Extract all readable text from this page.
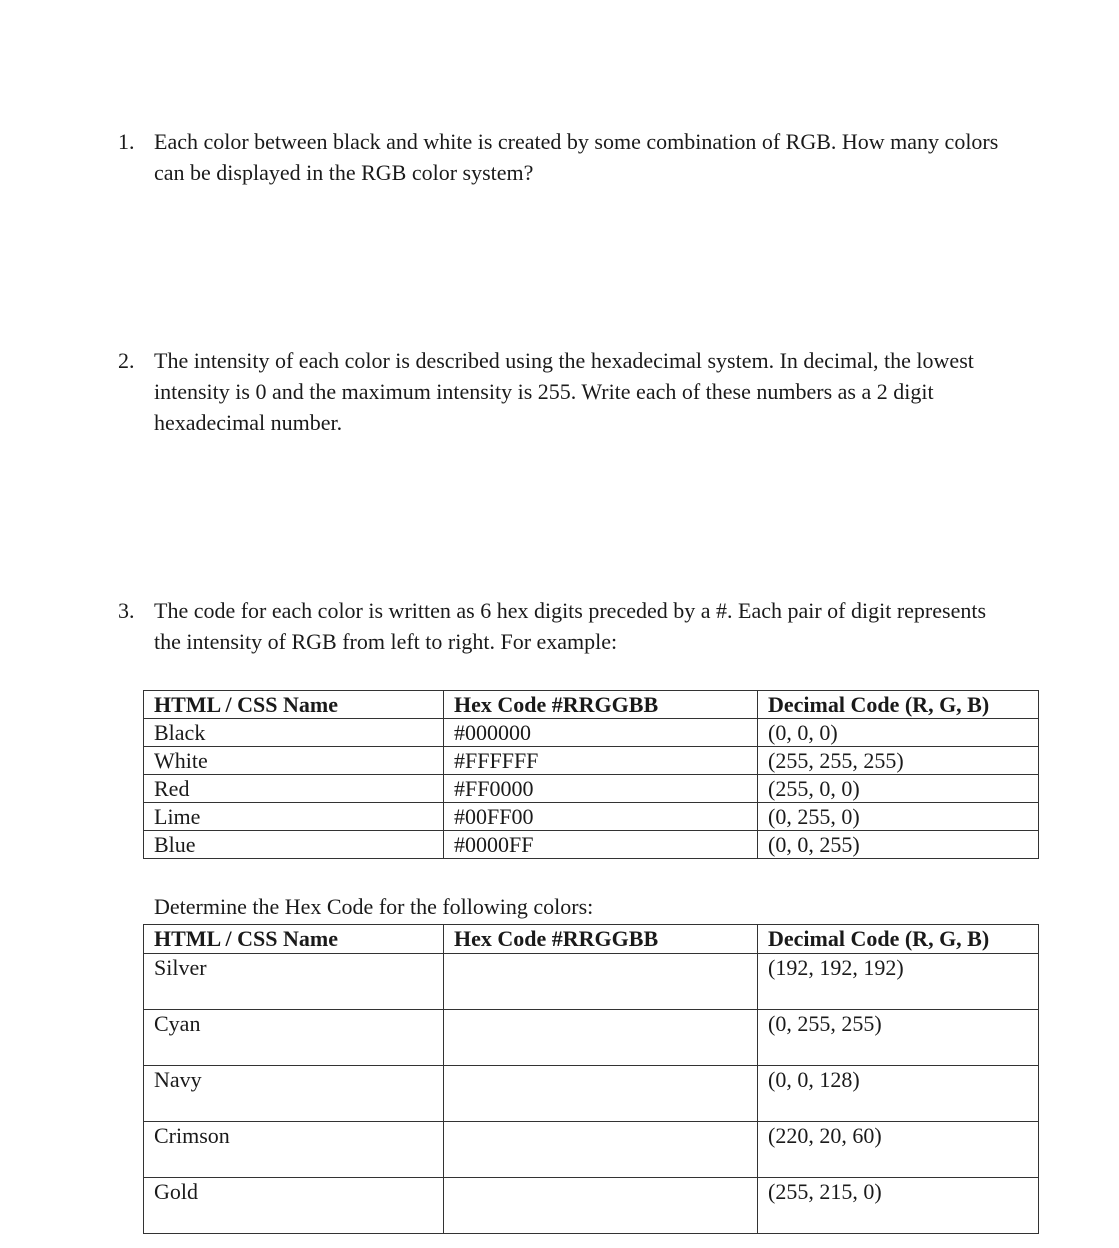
1. Each color between black and white is created by some combination of RGB. How many colors can be displayed in the RGB color system?
2. The intensity of each color is described using the hexadecimal system. In decimal, the lowest intensity is 0 and the maximum intensity is 255. Write each of these numbers as a 2 digit hexadecimal number.
3. The code for each color is written as 6 hex digits preceded by a #. Each pair of digit represents the intensity of RGB from left to right. For example:
HTML / CSS Name	Hex Code #RRGGBB	Decimal Code (R, G, B)
Black	#000000	(0, 0, 0)
White	#FFFFFF	(255, 255, 255)
Red	#FF0000	(255, 0, 0)
Lime	#00FF00	(0, 255, 0)
Blue	#0000FF	(0, 0, 255)
Determine the Hex Code for the following colors:
HTML / CSS Name	Hex Code #RRGGBB	Decimal Code (R, G, B)
Silver		(192, 192, 192)
Cyan		(0, 255, 255)
Navy		(0, 0, 128)
Crimson		(220, 20, 60)
Gold		(255, 215, 0)
